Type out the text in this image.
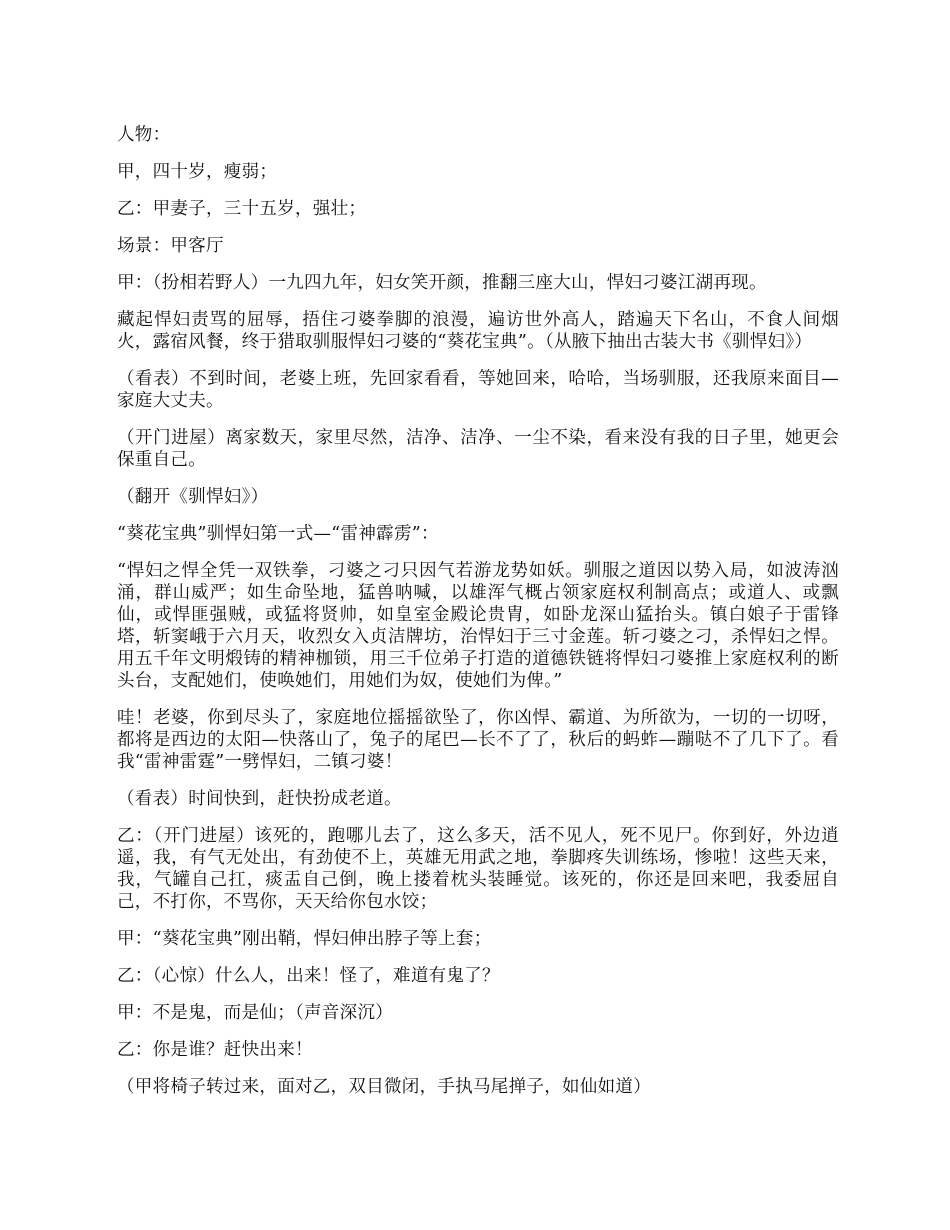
人物：

甲，四十岁，瘦弱；

乙：甲妻子，三十五岁，强壮；

场景：甲客厅

甲：（扮相若野人）一九四九年，妇女笑开颜，推翻三座大山，悍妇刁婆江湖再现。

藏起悍妇责骂的屈辱，捂住刁婆拳脚的浪漫，遍访世外高人，踏遍天下名山，不食人间烟火，露宿风餐，终于猎取驯服悍妇刁婆的“葵花宝典”。（从腋下抽出古装大书《驯悍妇》）

（看表）不到时间，老婆上班，先回家看看，等她回来，哈哈，当场驯服，还我原来面目—家庭大丈夫。

（开门进屋）离家数天，家里尽然，洁净、洁净、一尘不染，看来没有我的日子里，她更会保重自己。

（翻开《驯悍妇》）

“葵花宝典”驯悍妇第一式—“雷神霹雳”：

“悍妇之悍全凭一双铁拳，刁婆之刁只因气若游龙势如妖。驯服之道因以势入局，如波涛汹涌，群山威严；如生命坠地，猛兽呐喊，以雄浑气概占领家庭权利制高点；或道人、或飘仙，或悍匪强贼，或猛将贤帅，如皇室金殿论贵胄，如卧龙深山猛抬头。镇白娘子于雷锋塔，斩窦峨于六月天，收烈女入贞洁牌坊，治悍妇于三寸金莲。斩刁婆之刁，杀悍妇之悍。用五千年文明煅铸的精神枷锁，用三千位弟子打造的道德铁链将悍妇刁婆推上家庭权利的断头台，支配她们，使唤她们，用她们为奴，使她们为俾。”

哇！老婆，你到尽头了，家庭地位摇摇欲坠了，你凶悍、霸道、为所欲为，一切的一切呀，都将是西边的太阳—快落山了，兔子的尾巴—长不了了，秋后的蚂蚱—蹦哒不了几下了。看我“雷神雷霆”一劈悍妇，二镇刁婆！

（看表）时间快到，赶快扮成老道。

乙：（开门进屋）该死的，跑哪儿去了，这么多天，活不见人，死不见尸。你到好，外边逍遥，我，有气无处出，有劲使不上，英雄无用武之地，拳脚疼失训练场，惨啦！这些天来，我，气罐自己扛，痰盂自己倒，晚上搂着枕头装睡觉。该死的，你还是回来吧，我委屈自己，不打你，不骂你，天天给你包水饺；

甲：“葵花宝典”刚出鞘，悍妇伸出脖子等上套；

乙：（心惊）什么人，出来！怪了，难道有鬼了？

甲：不是鬼，而是仙；（声音深沉）

乙：你是谁？赶快出来！

（甲将椅子转过来，面对乙，双目微闭，手执马尾掸子，如仙如道）
